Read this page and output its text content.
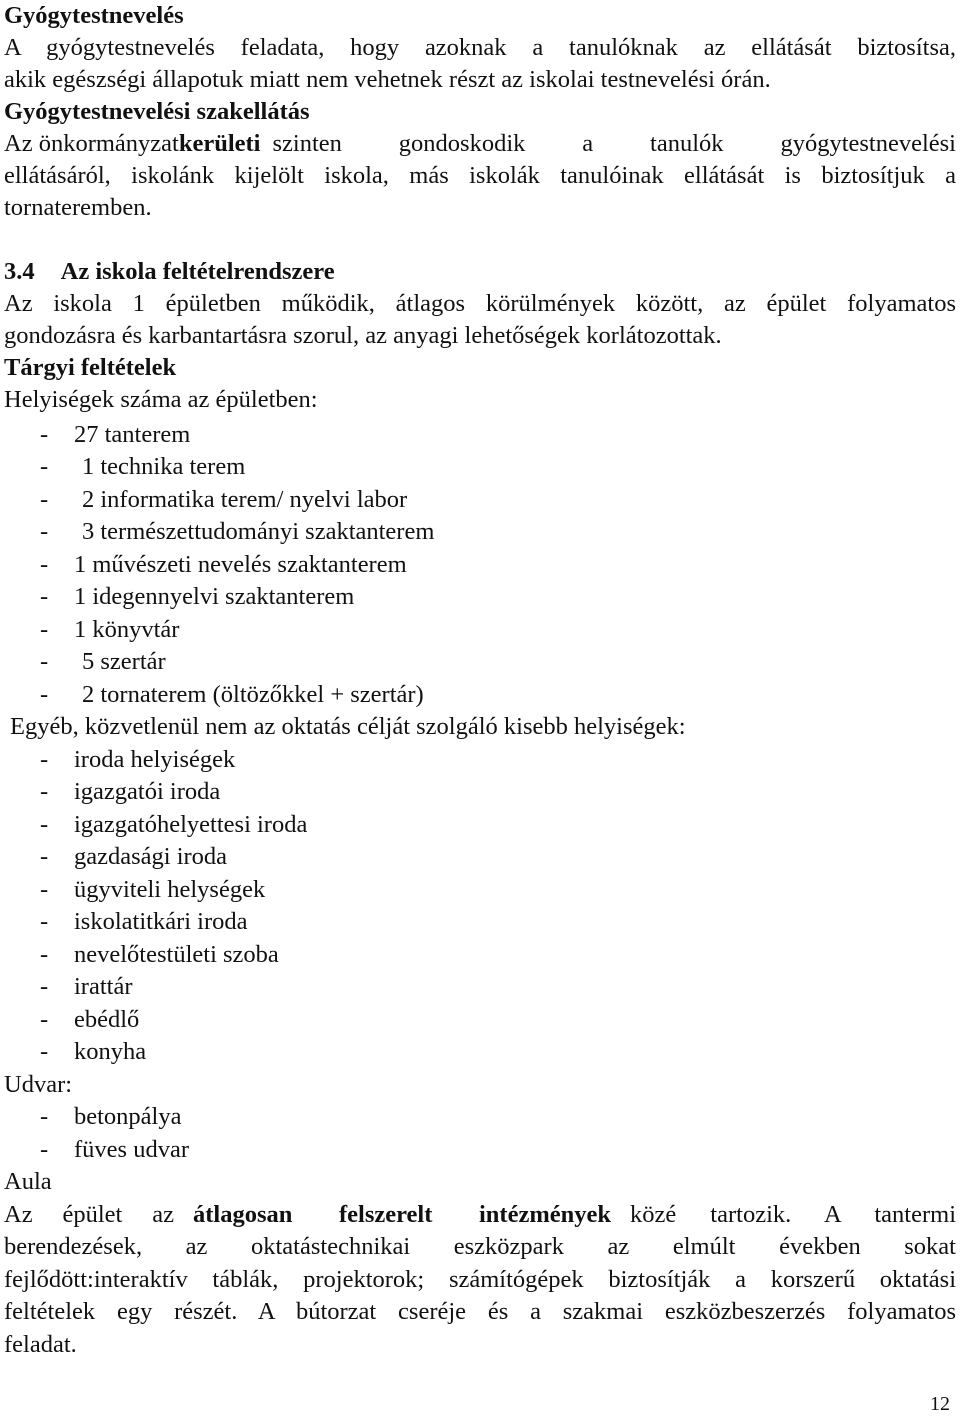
Gyógytestnevelés
A gyógytestnevelés feladata, hogy azoknak a tanulóknak az ellátását biztosítsa,
akik egészségi állapotuk miatt nem vehetnek részt az iskolai testnevelési órán.
Gyógytestnevelési szakellátás
Az önkormányzat kerületi szinten gondoskodik a tanulók gyógytestnevelési
ellátásáról, iskolánk kijelölt iskola, más iskolák tanulóinak ellátását is biztosítjuk a
tornateremben.
3.4 Az iskola feltételrendszere
Az iskola 1 épületben működik, átlagos körülmények között, az épület folyamatos
gondozásra és karbantartásra szorul, az anyagi lehetőségek korlátozottak.
Tárgyi feltételek
Helyiségek száma az épületben:
- 27 tanterem
- 1 technika terem
- 2 informatika terem/ nyelvi labor
- 3 természettudományi szaktanterem
- 1 művészeti nevelés szaktanterem
- 1 idegennyelvi szaktanterem
- 1 könyvtár
- 5 szertár
- 2 tornaterem (öltözőkkel + szertár)
Egyéb, közvetlenül nem az oktatás célját szolgáló kisebb helyiségek:
- iroda helyiségek
- igazgatói iroda
- igazgatóhelyettesi iroda
- gazdasági iroda
- ügyviteli helységek
- iskolatitkári iroda
- nevelőtestületi szoba
- irattár
- ebédlő
- konyha
Udvar:
- betonpálya
- füves udvar
Aula
Az épület az átlagosan felszerelt intézmények közé tartozik. A tantermi
berendezések, az oktatástechnikai eszközpark az elmúlt években sokat
fejlődött:interaktív táblák, projektorok; számítógépek biztosítják a korszerű oktatási
feltételek egy részét. A bútorzat cseréje és a szakmai eszközbeszerzés folyamatos
feladat.
12
